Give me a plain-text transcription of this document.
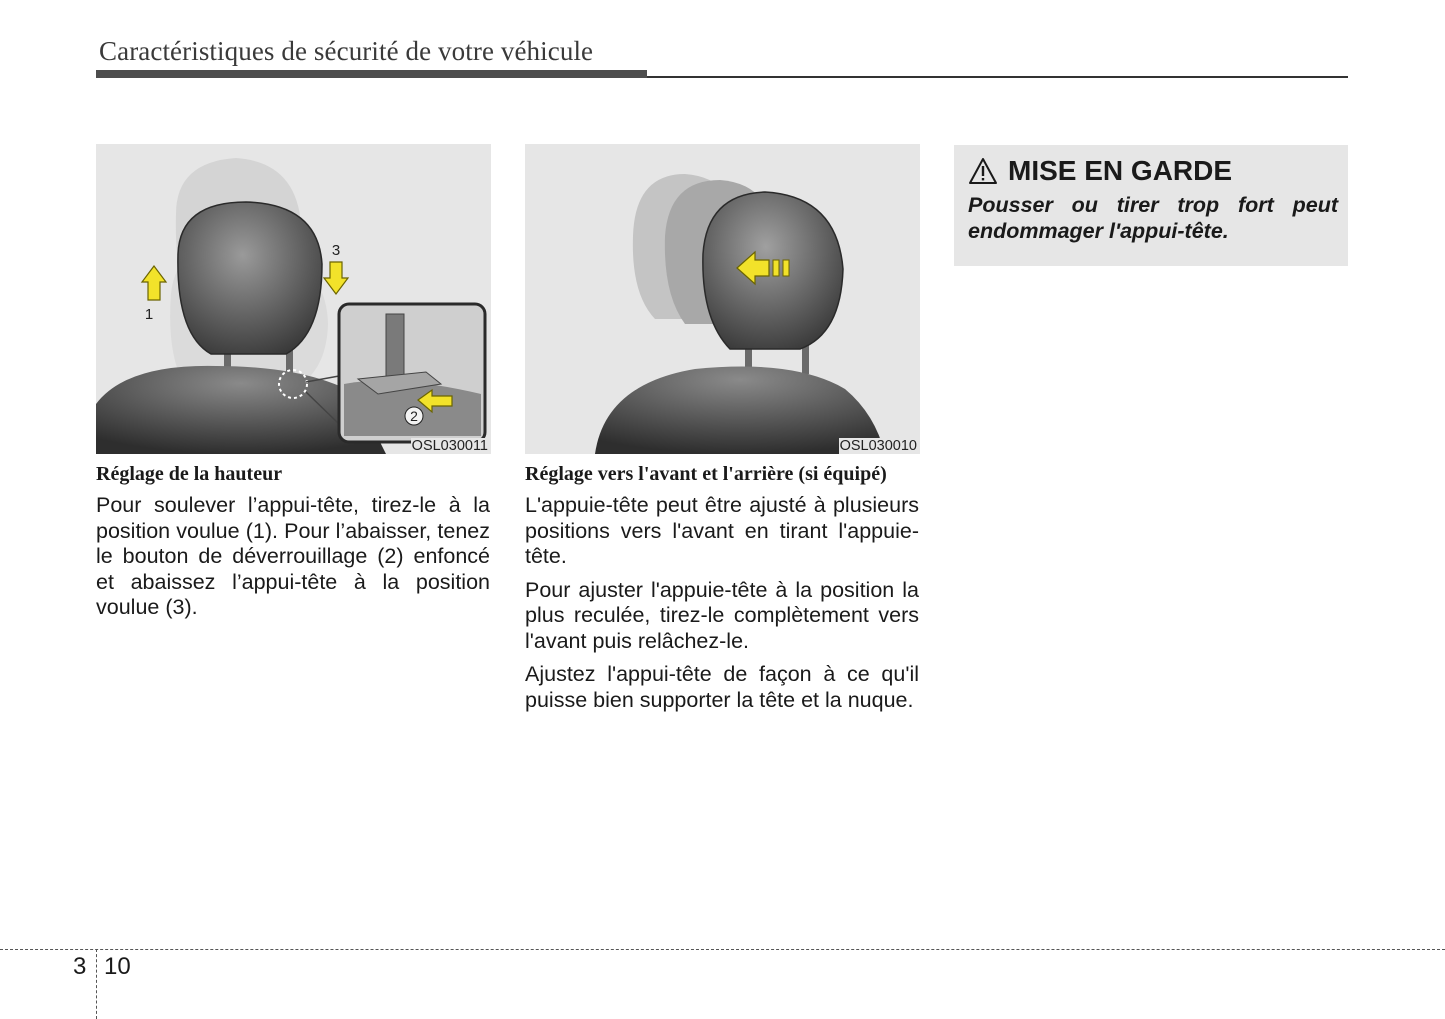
Caractéristiques de sécurité de votre véhicule
1
3
2
OSL030011	OSL030010
Réglage de la hauteur

Pour soulever l’appui-tête, tirez-le à la position voulue (1). Pour l’abaisser, tenez le bouton de déverrouillage (2) enfoncé et abaissez l’appui-tête à la position voulue (3).

Réglage vers l'avant et l'arrière (si équipé)

L'appuie-tête peut être ajusté à plusieurs positions vers l'avant en tirant l'appuie-tête.

Pour ajuster l'appuie-tête à la position la plus reculée, tirez-le complètement vers l'avant puis relâchez-le.

Ajustez l'appui-tête de façon à ce qu'il puisse bien supporter la tête et la nuque.

MISE EN GARDE
Pousser ou tirer trop fort peut endommager l'appui-tête.
3 10
